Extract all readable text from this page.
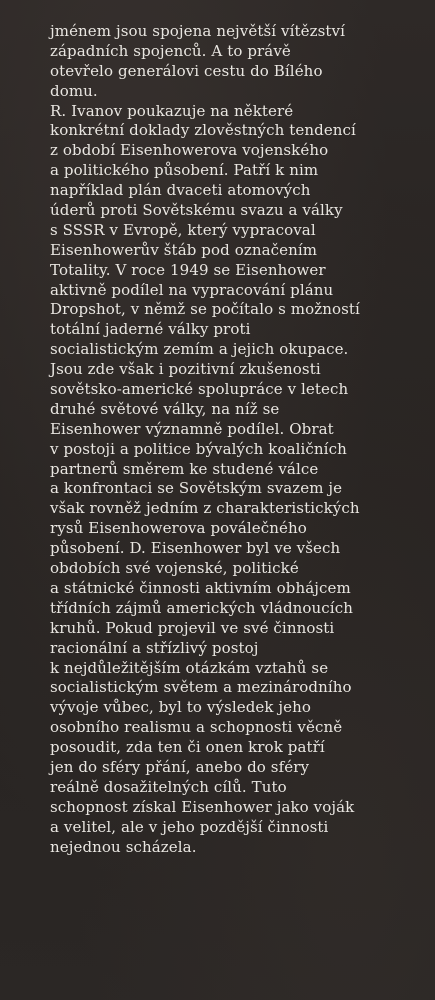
jménem jsou spojena největší vítězství
západních spojenců. A to právě
otevřelo generálovi cestu do Bílého
domu.
R. Ivanov poukazuje na některé
konkrétní doklady zlověstných tendencí
z období Eisenhowerova vojenského
a politického působení. Patří k nim
například plán dvaceti atomových
úderů proti Sovětskému svazu a války
s SSSR v Evropě, který vypracoval
Eisenhowerův štáb pod označením
Totality. V roce 1949 se Eisenhower
aktivně podílel na vypracování plánu
Dropshot, v němž se počítalo s možností
totální jaderné války proti
socialistickým zemím a jejich okupace.
Jsou zde však i pozitivní zkušenosti
sovětsko-americké spolupráce v letech
druhé světové války, na níž se
Eisenhower významně podílel. Obrat
v postoji a politice bývalých koaličních
partnerů směrem ke studené válce
a konfrontaci se Sovětským svazem je
však rovněž jedním z charakteristických
rysů Eisenhowerova poválečného
působení. D. Eisenhower byl ve všech
obdobích své vojenské, politické
a státnické činnosti aktivním obhájcem
třídních zájmů amerických vládnoucích
kruhů. Pokud projevil ve své činnosti
racionální a střízlivý postoj
k nejdůležitějším otázkám vztahů se
socialistickým světem a mezinárodního
vývoje vůbec, byl to výsledek jeho
osobního realismu a schopnosti věcně
posoudit, zda ten či onen krok patří
jen do sféry přání, anebo do sféry
reálně dosažitelných cílů. Tuto
schopnost získal Eisenhower jako voják
a velitel, ale v jeho pozdější činnosti
nejednou scházela.
